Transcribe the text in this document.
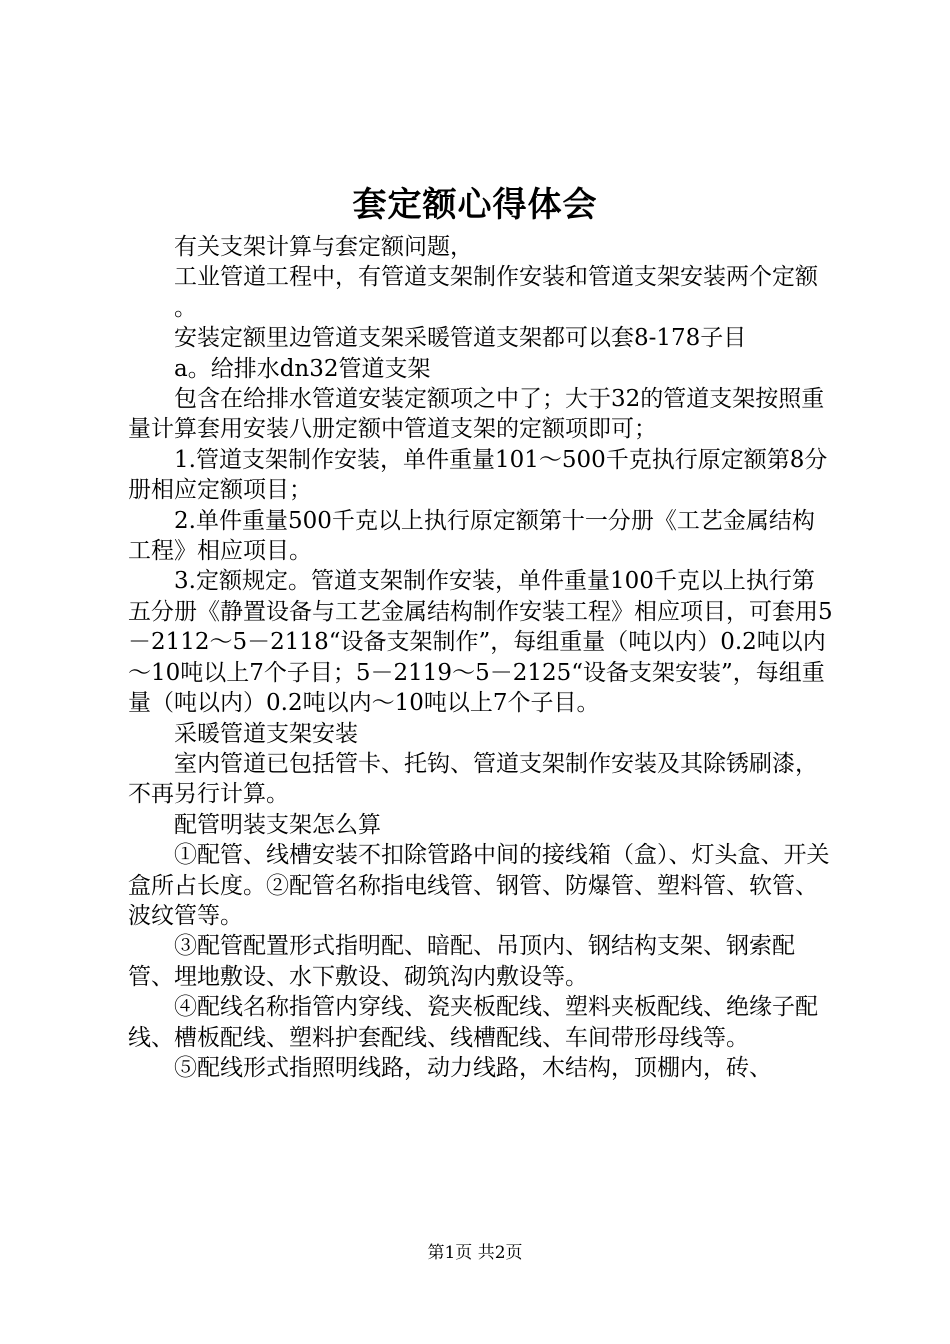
套定额心得体会

有关支架计算与套定额问题，

工业管道工程中，有管道支架制作安装和管道支架安装两个定额

。

安装定额里边管道支架采暖管道支架都可以套8-178子目

a。给排水dn32管道支架

包含在给排水管道安装定额项之中了；大于32的管道支架按照重量计算套用安装八册定额中管道支架的定额项即可；

1.管道支架制作安装，单件重量101～500千克执行原定额第8分册相应定额项目；

2.单件重量500千克以上执行原定额第十一分册《工艺金属结构工程》相应项目。

3.定额规定。管道支架制作安装，单件重量100千克以上执行第五分册《静置设备与工艺金属结构制作安装工程》相应项目，可套用5－2112～5－2118“设备支架制作”，每组重量（吨以内）0.2吨以内～10吨以上7个子目；5－2119～5－2125“设备支架安装”，每组重量（吨以内）0.2吨以内～10吨以上7个子目。

采暖管道支架安装

室内管道已包括管卡、托钩、管道支架制作安装及其除锈刷漆，不再另行计算。

配管明装支架怎么算

①配管、线槽安装不扣除管路中间的接线箱（盒）、灯头盒、开关盒所占长度。②配管名称指电线管、钢管、防爆管、塑料管、软管、波纹管等。

③配管配置形式指明配、暗配、吊顶内、钢结构支架、钢索配管、埋地敷设、水下敷设、砌筑沟内敷设等。

④配线名称指管内穿线、瓷夹板配线、塑料夹板配线、绝缘子配线、槽板配线、塑料护套配线、线槽配线、车间带形母线等。

⑤配线形式指照明线路，动力线路，木结构，顶棚内，砖、

第1页 共2页
